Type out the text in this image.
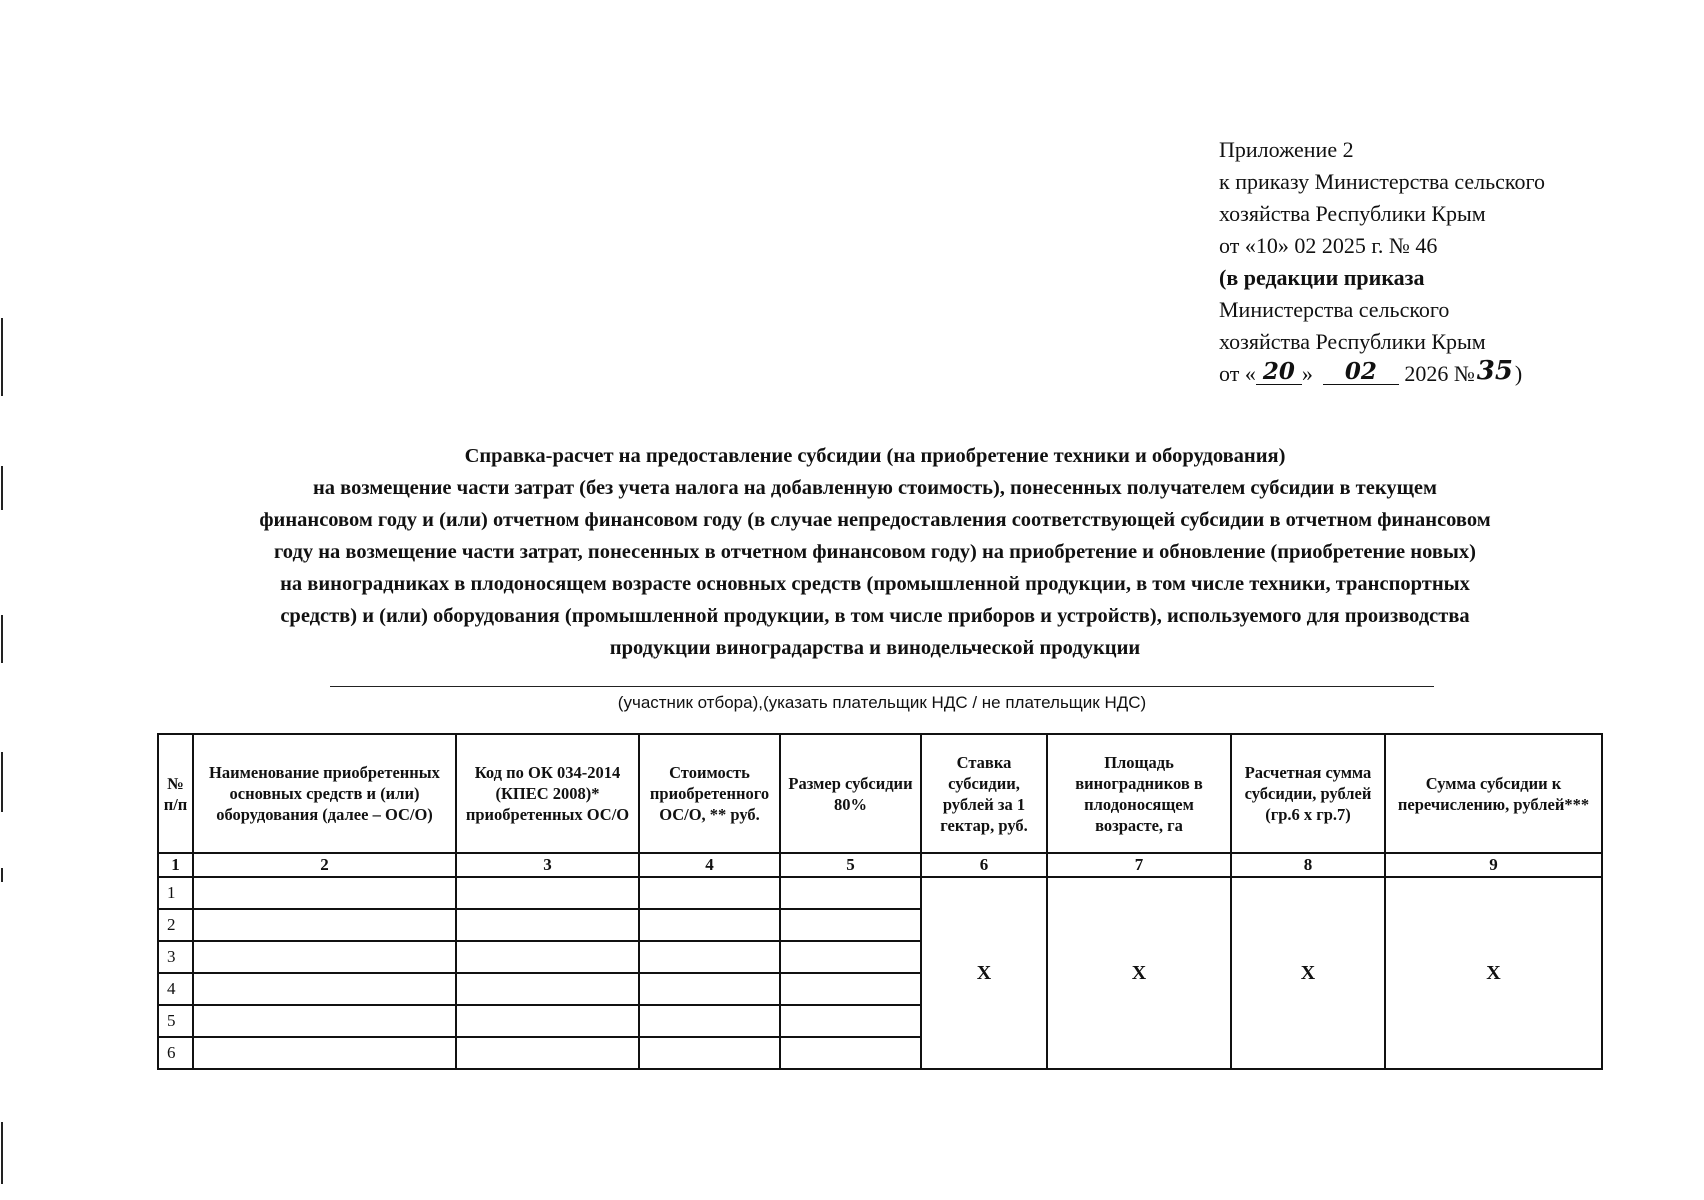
Приложение 2
к приказу Министерства сельского
хозяйства Республики Крым
от «10» 02 2025 г. № 46
(в редакции приказа
Министерства сельского
хозяйства Республики Крым
от « 20 » 02 2026 №35)
Справка-расчет на предоставление субсидии (на приобретение техники и оборудования)
на возмещение части затрат (без учета налога на добавленную стоимость), понесенных получателем субсидии в текущем
финансовом году и (или) отчетном финансовом году (в случае непредоставления соответствующей субсидии в отчетном финансовом
году на возмещение части затрат, понесенных в отчетном финансовом году) на приобретение и обновление (приобретение новых)
на виноградниках в плодоносящем возрасте основных средств (промышленной продукции, в том числе техники, транспортных
средств) и (или) оборудования (промышленной продукции, в том числе приборов и устройств), используемого для производства
продукции виноградарства и винодельческой продукции
(участник отбора),(указать плательщик НДС / не плательщик НДС)
№ п/п	Наименование приобретенных основных средств и (или) оборудования (далее – ОС/О)	Код по ОК 034-2014 (КПЕС 2008)* приобретенных ОС/О	Стоимость приобретенного ОС/О, ** руб.	Размер субсидии 80%	Ставка субсидии, рублей за 1 гектар, руб.	Площадь виноградников в плодоносящем возрасте, га	Расчетная сумма субсидии, рублей (гр.6 х гр.7)	Сумма субсидии к перечислению, рублей***
1	2	3	4	5	6	7	8	9
1					Х	Х	Х	Х
2								
3								
4								
5								
6								
